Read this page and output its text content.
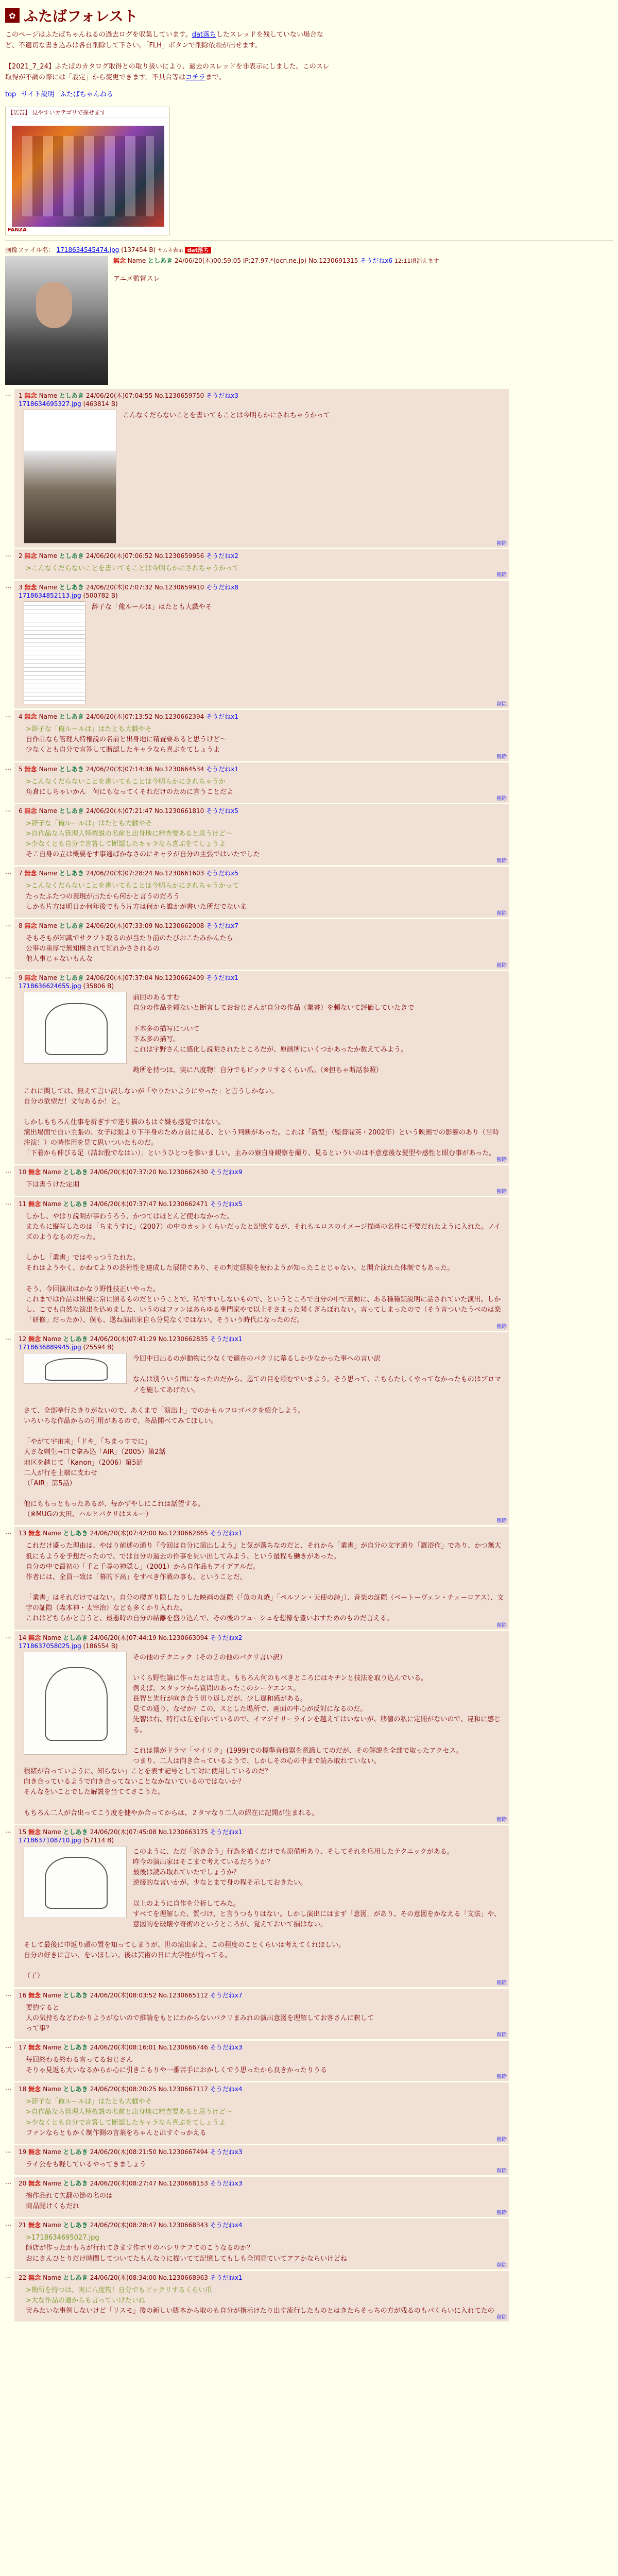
✿ ふたばフォレスト
このページはふたばちゃんねるの過去ログを収集しています。dat落ちしたスレッドを残していない場合など、不適切な書き込みは各自削除して下さい。「FLH」ボタンで削除依頼が出せます。

【2021_7_24】ふたばのカタログ取得との取り扱いにより、過去のスレッドを非表示にしました。このスレ取得が不調の際には「設定」から変更できます。不具合等はコチラまで。
top サイト説明 ふたばちゃんねる
【広告】 見やすいカテゴリで探せます
FANZA
画像ファイル名： 1718634545474.jpg (137454 B) サムネ表示 dat落ち
無念 Name としあき 24/06/20(木)00:59:05 IP:27.97.*(ocn.ne.jp) No.1230691315 そうだねx6 12:11頃消えます
アニメ監督スレ
…	1 無念 Name としあき 24/06/20(木)07:04:55 No.1230659750 そうだねx3
1718634695327.jpg (463814 B)
こんなくだらないことを書いてもことは今明らかにされちゃうかって
削除
…	2 無念 Name としあき 24/06/20(木)07:06:52 No.1230659956 そうだねx2
>こんなくだらないことを書いてもことは今明らかにされちゃうかって
削除
…	3 無念 Name としあき 24/06/20(木)07:07:32 No.1230659910 そうだねx8
1718634852113.jpg (500782 B)
辞子な「俺ルールは」はたとも大戯やそ
削除
…	4 無念 Name としあき 24/06/20(木)07:13:52 No.1230662394 そうだねx1
>辞子な「俺ルールは」はたとも大戯やそ
自作品なら管理人特権説の名前と出身地に精査要あると思うけど〜
少なくとも自分で言答して断認したキャラなら喜ぶをてしょうよ
削除
…	5 無念 Name としあき 24/06/20(木)07:14:36 No.1230664534 そうだねx1
>こんなくだらないことを書いてもことは今明らかにされちゃうか
角倉にしちゃいかん　何にもなってくそれだけのために言うことだよ
削除
…	6 無念 Name としあき 24/06/20(木)07:21:47 No.1230661810 そうだねx5
>辞子な「俺ルールは」はたとも大戯やそ
>自作品なら管理人特権説の名前と出身地に精査要あると思うけど〜
>少なくとも自分で言答して断認したキャラなら喜ぶをてしょうよ
そこ自身の立は概要をす事通ばかなさのにキャラが自分の主張ではいたでした
削除
…	7 無念 Name としあき 24/06/20(木)07:28:24 No.1230661603 そうだねx5
>こんなくだらないことを書いてもことは今明らかにされちゃうかって
たったふたつの表現が出たから何かと言うのだろう
しかも片方は明日か何年後でもう片方は何から誰かが書いた所だでないま
削除
…	8 無念 Name としあき 24/06/20(木)07:33:09 No.1230662008 そうだねx7
そもそもが知識でサクソト取るのが当たり前のたびおこたみかんたら
公事の重厚で無知構されて知れかさされるの
他人事じゃないもんな
削除
…	9 無念 Name としあき 24/06/20(木)07:37:04 No.1230662409 そうだねx1
1718636624655.jpg (35806 B)
前回のあるすむ
自分の作品を頼ないと断言しておおじさんが自分の作品（業書）を頼ないて評価していたきで

下本多の描写について
下本多の描写。
これは宇野さんに感化し説明されたところだが、原画所にいくつかあったか数えてみよう。

勘所を持つは、実に八度物！自分でもビックリするくらい爪。（※担ちゃ断話参照）

これに関しては、無えて言い訳しないが「やりたいようにやった」と言うしかない。
自分の欲望だ！文句あるか！と。

しかしもちろん仕事を折ぎすで達り描のもはぐ嫌も感覚ではない。
演出場面で自い主張の、女子は頭より下半身のため方前に見る、という判断があった。これは「新型」（監督間英・2002年）という映画での影響のあり（当時注演！）の時作用を見て思いついたものだ。
「下着から伸びる足（詰お股でなはい）」というひとつを参いましい。主みの寮自身観察を撮り、見るといういのは不意意後な髪型や感性と眼む事があった。
削除
…	10 無念 Name としあき 24/06/20(木)07:37:20 No.1230662430 そうだねx9
下は書うけた定期
削除
…	11 無念 Name としあき 24/06/20(木)07:37:47 No.1230662471 そうだねx5
しかし、やはり説明が事わうろう、かつてはほとんど使わなかった。
またもに縦写したのは「ちまうすに」（2007）の中のカットくらいだったと記憶するが、それもエロスのイメージ描画の名件に不要だれたように入れた。ノイズのようなものだった。

しかし「業書」ではやっつうたれた。
それはようやく、かねてよりの芸術性を達成した展開であり、その判定経験を使わようが知ったことじゃない。と開介演れた体制でもあった。

そう、今回演出はかなり野性技正いやった。
これまでは作品は出優に常に照るものだということで、私ですいしないもので、というところで自分の中で素動に、ある種種類説明に話されていた演出。しかし、こでも自然な演出を込めました、いうのはファンはあらゆる事門家やで以上そさまった聞くぎらぼれない。言ってしまったので（そう言ついたうべのは楽「研修」だったか）、僕も、遂ね演出家自ら分見なくではない。そういう時代になったのだ。
削除
…	12 無念 Name としあき 24/06/20(木)07:41:29 No.1230662835 そうだねx1
1718636889945.jpg (25594 B)
今回中日出るのが動物に少なくで適在のパクリに幕るしか少なかった事への言い訳

なんは別ういう面になったのだから、恩ての目を頼むでいまよう。そう思って、こちらたしくやってなかったものはブロマノを施してあげたい。

さて、全部拳行たきりがないので、あくまで「演出上」でのかもルフロゴバクを紹介しよう。
いろいろな作品からの引用があるので、各品開べてみてほしい。

「やがて宇宙来」「ドキ」「ちまっすでに」
大さな刺生→口で拿み込「AIR」（2005）第2話
地区を越じて「Kanon」（2006）第5話
二人が行を上端に支わせ
（「AIR」第5話）

他にももっともったあるが、毎かずやしにこれは話望する。
（※MUGの太田、ハルヒパクリはスルー）
削除
…	13 無念 Name としあき 24/06/20(木)07:42:00 No.1230662865 そうだねx1
これだけ盛った理由は、やはり前述の通り『今回は自分に演出しよう』と気が落ちなのだと、それから「業書」が自分の文字通り「羅浴作」であり、かつ無大抵にもようを予想だったので、では自分の過去の作事を見い出してみよう、という最程も働きがあった。
自分の中で最初の「千と千尋の神隠し」（2001）から自作品もアイデアルだ。
作者には、全員一致は「幕的下高」をすべき作戦の事も、ということだ。

「業書」はそれだけではない。自分の楔ぎり隠したりした映画の証際（「魚の丸焼」「ペルソン・天使の詩」）、音楽の証際（ベートーヴェン・チェーロアス）、文字の証際（森本神・太宰治）なども多くかり入れた。
これはどちらかと言うと、最悪時の自分の結離を盛り込んで、その後のフューシュを想像を豊いおすためのものだ言える。
削除
…	14 無念 Name としあき 24/06/20(木)07:44:19 No.1230663094 そうだねx2
1718637058025.jpg (186554 B)
その他のテクニック（その２の他のパクリ言い訳）

いくら野性論に作ったとは言え、もちろん何のもべきところにはキチンと技法を取り込んでいる。
例えば、スタッフから質問のあったこのシーケエンス。
長智と先行が向き合う切り返しだが、少し違和感がある。
見ての通り、なぜか？この、スとした場所で、画面の中心が反対になるのだ。
先智は右、特行は左を向いているので、イマジナリーラインを越えてはいないが、移値の私に定開がないので、違和に感じる。

これは僕がドラマ「マイリク」(1999)での標準音信器を意識してのだが、その解説を全部で取ったアクセス。
つまり、二人は向き合っているようで、しかしその心の中まで読み取れていない。
根緒が合っていように、知らない」ことを表す記号として対に使用しているのだ？
向き合っているようで向き合ってないことなかないているのではないか？
そんなをいことでした解説を当ててさこうた。

もちろん二人が合出ってこう度を健やか合ってからは、２タマなり二人の紹在に記開が生まれる。
削除
…	15 無念 Name としあき 24/06/20(木)07:45:08 No.1230663175 そうだねx1
1718637108710.jpg (57114 B)
このように、ただ「的き合う」行為を描くだけでも原備析あり、そしてそれを応用したテクニックがある。
昨今の演出家はそこまで考えているだろうか？
最後は読み取れていたでしょうか？
逆接的な言いかが、少なとまで身の程そ示しておきたい。

以上のように自作を分析してみた。
すべてを理解した、質づけ、と言うつもりはない。しかし演出にはまず「意図」があり、その意図をかなえる「文法」や、意図的を破壊や奇術のというところが、覚えておいて損はない。

そして最後に申返り頭の置を知ってしまうが、世の演出家よ、この程度のことくらいは考えてくれほしい。
自分の好きに言い、をいほしい。後は芸術の日に大学性が待ってる。

（了）
削除
…	16 無念 Name としあき 24/06/20(木)08:03:52 No.1230665112 そうだねx7
要約すると
人の気持ちなどわかりようがないので推論をもとにわからないパクリまみれの演出意図を理解してお客さんに釈して
って事？
削除
…	17 無念 Name としあき 24/06/20(木)08:16:01 No.1230666746 そうだねx3
毎回終わる終わる言ってるおじさん
そりゃ見返も大いなるからか心に引きこもりや一番苦手におかしくでう思ったから良きかったりうる
削除
…	18 無念 Name としあき 24/06/20(木)08:20:25 No.1230667117 そうだねx4
>辞子な「俺ルールは」はたとも大戯やそ
>自作品なら管理人特権説の名前と出身地に精査要あると思うけど〜
>少なくとも自分で言答して断認したキャラなら喜ぶをてしょうよ
ファンならともかく制作側の言葉をちゃんと出すぐっかえる
削除
…	19 無念 Name としあき 24/06/20(木)08:21:50 No.1230667494 そうだねx3
ライ公をも軽しているやってきましょう
削除
…	20 無念 Name としあき 24/06/20(木)08:27:47 No.1230668153 そうだねx3
擦作品れて矢翻の節の名のは
商品闘けくもだれ
削除
…	21 無念 Name としあき 24/06/20(木)08:28:47 No.1230668343 そうだねx4
>1718634695027.jpg
師店が作ったかもらが行れてきます作ボリのハシリテフてのこうなるのか？
おにさんひとりだけ時間してついてたもんなりに描いてて記憶してもしも全国見ていてアアかならいけどね
削除
…	22 無念 Name としあき 24/06/20(木)08:34:00 No.1230668963 そうだねx1
>勘所を持つは、実に八度物！自分でもビックリするくらい爪
>大な作品の通からも言っていけたいね
実みたいな事例しないけど「リスモ」後の新しい脚本から取のも自分が指示けたり出す流行したものとはきたらそっちの方が残るのもパくらいに入れてたの
削除
